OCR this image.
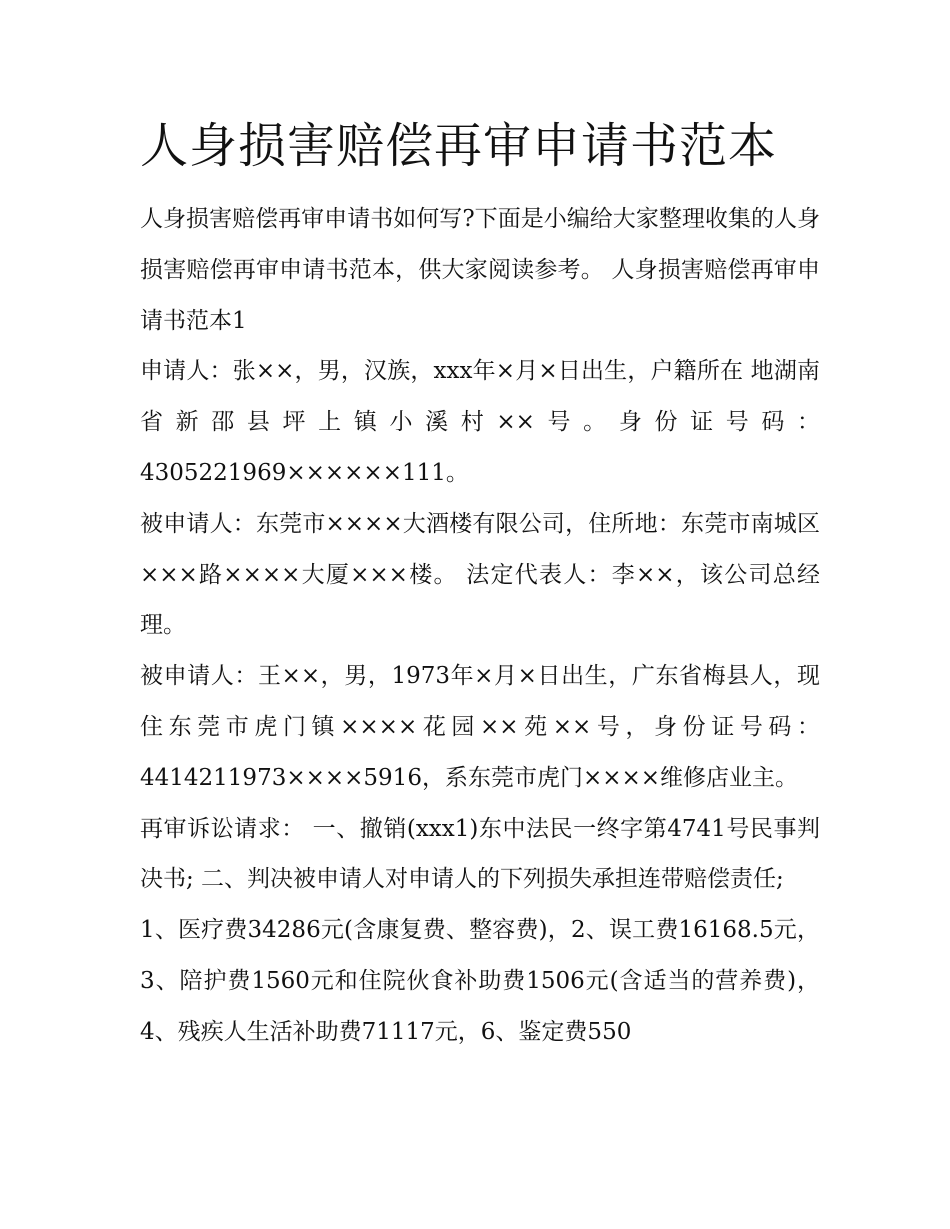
人身损害赔偿再审申请书范本

人身损害赔偿再审申请书如何写?下面是小编给大家整理收集的人身损害赔偿再审申请书范本，供大家阅读参考。 人身损害赔偿再审申请书范本1

申请人：张××，男，汉族，xxx年×月×日出生，户籍所在 地湖南省新邵县坪上镇小溪村××号。身份证号码：4305221969××××××111。

被申请人：东莞市××××大酒楼有限公司，住所地：东莞市南城区×××路××××大厦×××楼。 法定代表人：李××，该公司总经理。

被申请人：王××，男，1973年×月×日出生，广东省梅县人，现住东莞市虎门镇××××花园××苑××号，身份证号码：4414211973××××5916，系东莞市虎门××××维修店业主。

再审诉讼请求： 一、撤销(xxx1)东中法民一终字第4741号民事判决书; 二、判决被申请人对申请人的下列损失承担连带赔偿责任;

1、医疗费34286元(含康复费、整容费)，2、误工费16168.5元，3、陪护费1560元和住院伙食补助费1506元(含适当的营养费)，4、残疾人生活补助费71117元，6、鉴定费550
